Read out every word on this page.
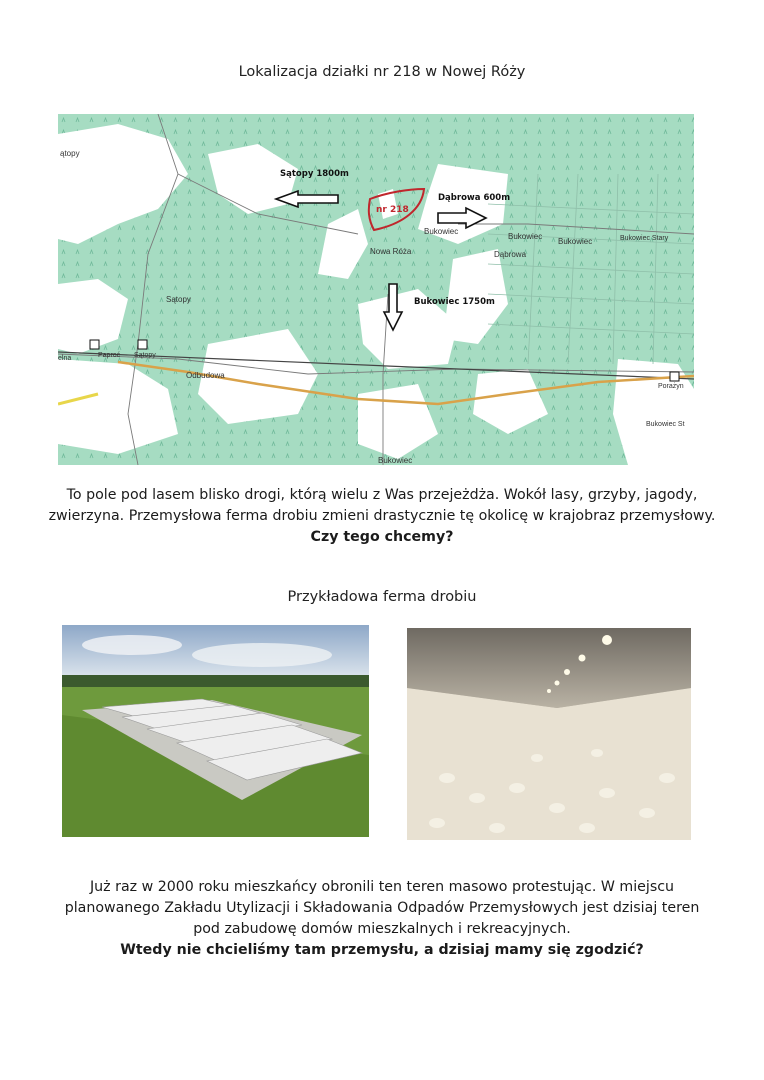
Lokalizacja działki nr 218 w Nowej Róży
nr 218
Sątopy 1800m
Dąbrowa 600m
Bukowiec 1750m
ątopy
Sątopy
Nowa Róża
Bukowiec
Bukowiec
Bukowiec	Bukowiec Stary
Dąbrowa
Odbudowa
Paproć Sątopy
Porażyn
Bukowiec St
Bukowiec
elna
To pole pod lasem blisko drogi, którą wielu z Was przejeżdża. Wokół lasy, grzyby, jagody,
zwierzyna. Przemysłowa ferma drobiu zmieni drastycznie tę okolicę w krajobraz przemysłowy.
Czy tego chcemy?
Przykładowa ferma drobiu
Już raz w 2000 roku mieszkańcy obronili ten teren masowo protestując. W miejscu
planowanego Zakładu Utylizacji i Składowania Odpadów Przemysłowych jest dzisiaj teren
pod zabudowę domów mieszkalnych i rekreacyjnych.
Wtedy nie chcieliśmy tam przemysłu, a dzisiaj mamy się zgodzić?
